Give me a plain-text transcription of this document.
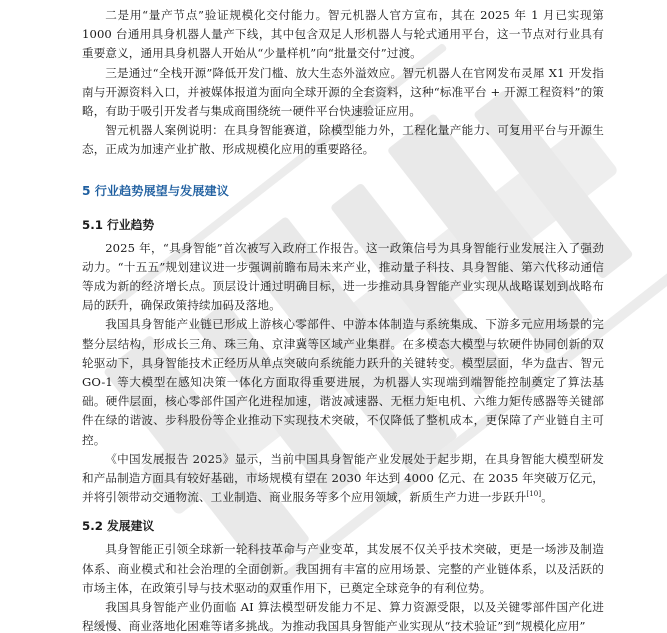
二是用“量产节点”验证规模化交付能力。智元机器人官方宣布，其在 2025 年 1 月已实现第 1000 台通用具身机器人量产下线，其中包含双足人形机器人与轮式通用平台，这一节点对行业具有重要意义，通用具身机器人开始从“少量样机”向“批量交付”过渡。

三是通过“全栈开源”降低开发门槛、放大生态外溢效应。智元机器人在官网发布灵犀 X1 开发指南与开源资料入口，并被媒体报道为面向全球开源的全套资料，这种“标准平台 + 开源工程资料”的策略，有助于吸引开发者与集成商围绕统一硬件平台快速验证应用。

智元机器人案例说明：在具身智能赛道，除模型能力外，工程化量产能力、可复用平台与开源生态，正成为加速产业扩散、形成规模化应用的重要路径。

5 行业趋势展望与发展建议
5.1 行业趋势

2025 年，“具身智能”首次被写入政府工作报告。这一政策信号为具身智能行业发展注入了强劲动力。“十五五”规划建议进一步强调前瞻布局未来产业，推动量子科技、具身智能、第六代移动通信等成为新的经济增长点。顶层设计通过明确目标，进一步推动具身智能产业实现从战略谋划到战略布局的跃升，确保政策持续加码及落地。

我国具身智能产业链已形成上游核心零部件、中游本体制造与系统集成、下游多元应用场景的完整分层结构，形成长三角、珠三角、京津冀等区域产业集群。在多模态大模型与软硬件协同创新的双轮驱动下，具身智能技术正经历从单点突破向系统能力跃升的关键转变。模型层面，华为盘古、智元 GO-1 等大模型在感知决策一体化方面取得重要进展，为机器人实现端到端智能控制奠定了算法基础。硬件层面，核心零部件国产化进程加速，谐波减速器、无框力矩电机、六维力矩传感器等关键部件在绿的谐波、步科股份等企业推动下实现技术突破，不仅降低了整机成本，更保障了产业链自主可控。

《中国发展报告 2025》显示，当前中国具身智能产业发展处于起步期，在具身智能大模型研发和产品制造方面具有较好基础，市场规模有望在 2030 年达到 4000 亿元、在 2035 年突破万亿元，并将引领带动交通物流、工业制造、商业服务等多个应用领域，新质生产力进一步跃升[10]。

5.2 发展建议

具身智能正引领全球新一轮科技革命与产业变革，其发展不仅关乎技术突破，更是一场涉及制造体系、商业模式和社会治理的全面创新。我国拥有丰富的应用场景、完整的产业链体系，以及活跃的市场主体，在政策引导与技术驱动的双重作用下，已奠定全球竞争的有利位势。

我国具身智能产业仍面临 AI 算法模型研发能力不足、算力资源受限，以及关键零部件国产化进程缓慢、商业落地化困难等诸多挑战。为推动我国具身智能产业实现从“技术验证”到“规模化应用”
